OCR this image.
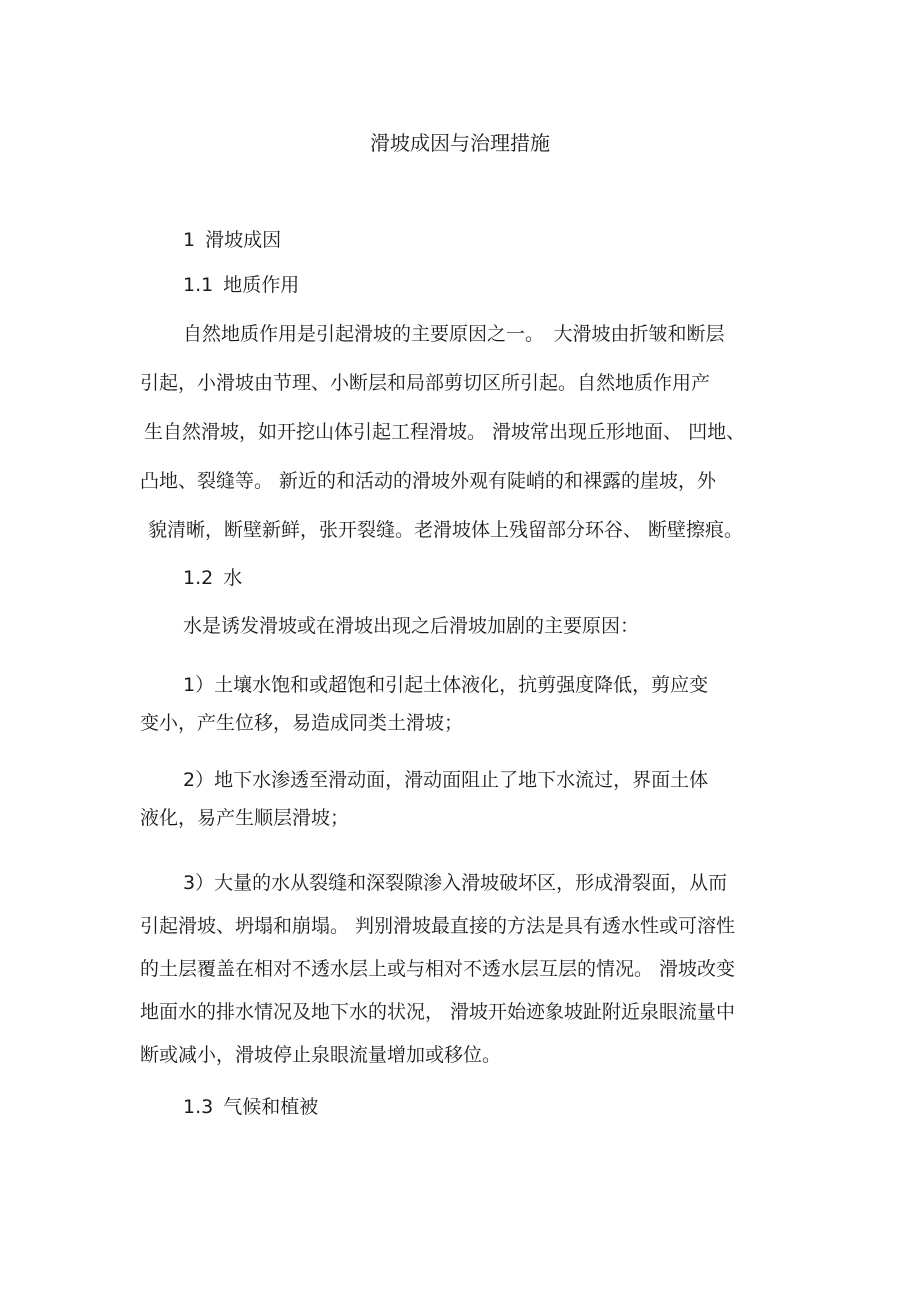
滑坡成因与治理措施
1 滑坡成因
1.1 地质作用
自然地质作用是引起滑坡的主要原因之一。　大滑坡由折皱和断层
引起，小滑坡由节理、小断层和局部剪切区所引起。自然地质作用产
生自然滑坡，如开挖山体引起工程滑坡。 滑坡常出现丘形地面、 凹地、
凸地、裂缝等。 新近的和活动的滑坡外观有陡峭的和裸露的崖坡，外
貌清晰，断壁新鲜，张开裂缝。老滑坡体上残留部分环谷、 断壁擦痕。
1.2 水
水是诱发滑坡或在滑坡出现之后滑坡加剧的主要原因：
1）土壤水饱和或超饱和引起土体液化，抗剪强度降低，剪应变
变小，产生位移，易造成同类土滑坡；
2）地下水渗透至滑动面，滑动面阻止了地下水流过，界面土体
液化，易产生顺层滑坡；
3）大量的水从裂缝和深裂隙渗入滑坡破坏区，形成滑裂面，从而
引起滑坡、坍塌和崩塌。 判别滑坡最直接的方法是具有透水性或可溶性
的土层覆盖在相对不透水层上或与相对不透水层互层的情况。 滑坡改变
地面水的排水情况及地下水的状况， 滑坡开始迹象坡趾附近泉眼流量中
断或减小，滑坡停止泉眼流量增加或移位。
1.3 气候和植被
